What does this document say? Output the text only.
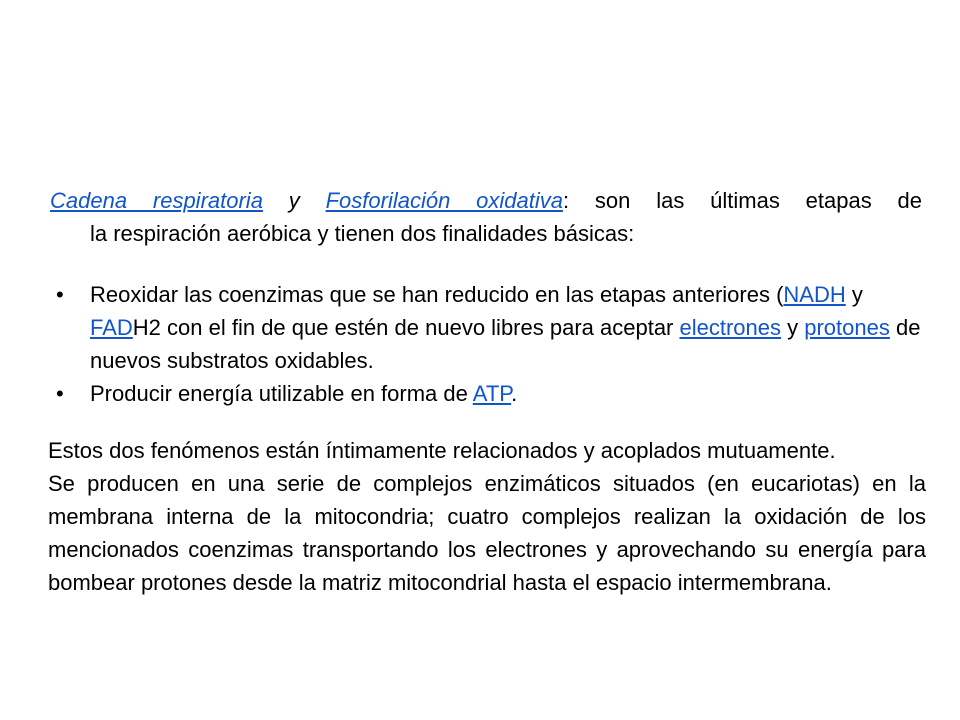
Cadena respiratoria y Fosforilación oxidativa: son las últimas etapas de
la respiración aeróbica y tienen dos finalidades básicas:
• Reoxidar las coenzimas que se han reducido en las etapas anteriores (NADH y FADH2 con el fin de que estén de nuevo libres para aceptar electrones y protones de nuevos substratos oxidables.
• Producir energía utilizable en forma de ATP.

Estos dos fenómenos están íntimamente relacionados y acoplados mutuamente.

Se producen en una serie de complejos enzimáticos situados (en eucariotas) en la membrana interna de la mitocondria; cuatro complejos realizan la oxidación de los mencionados coenzimas transportando los electrones y aprovechando su energía para bombear protones desde la matriz mitocondrial hasta el espacio intermembrana.
